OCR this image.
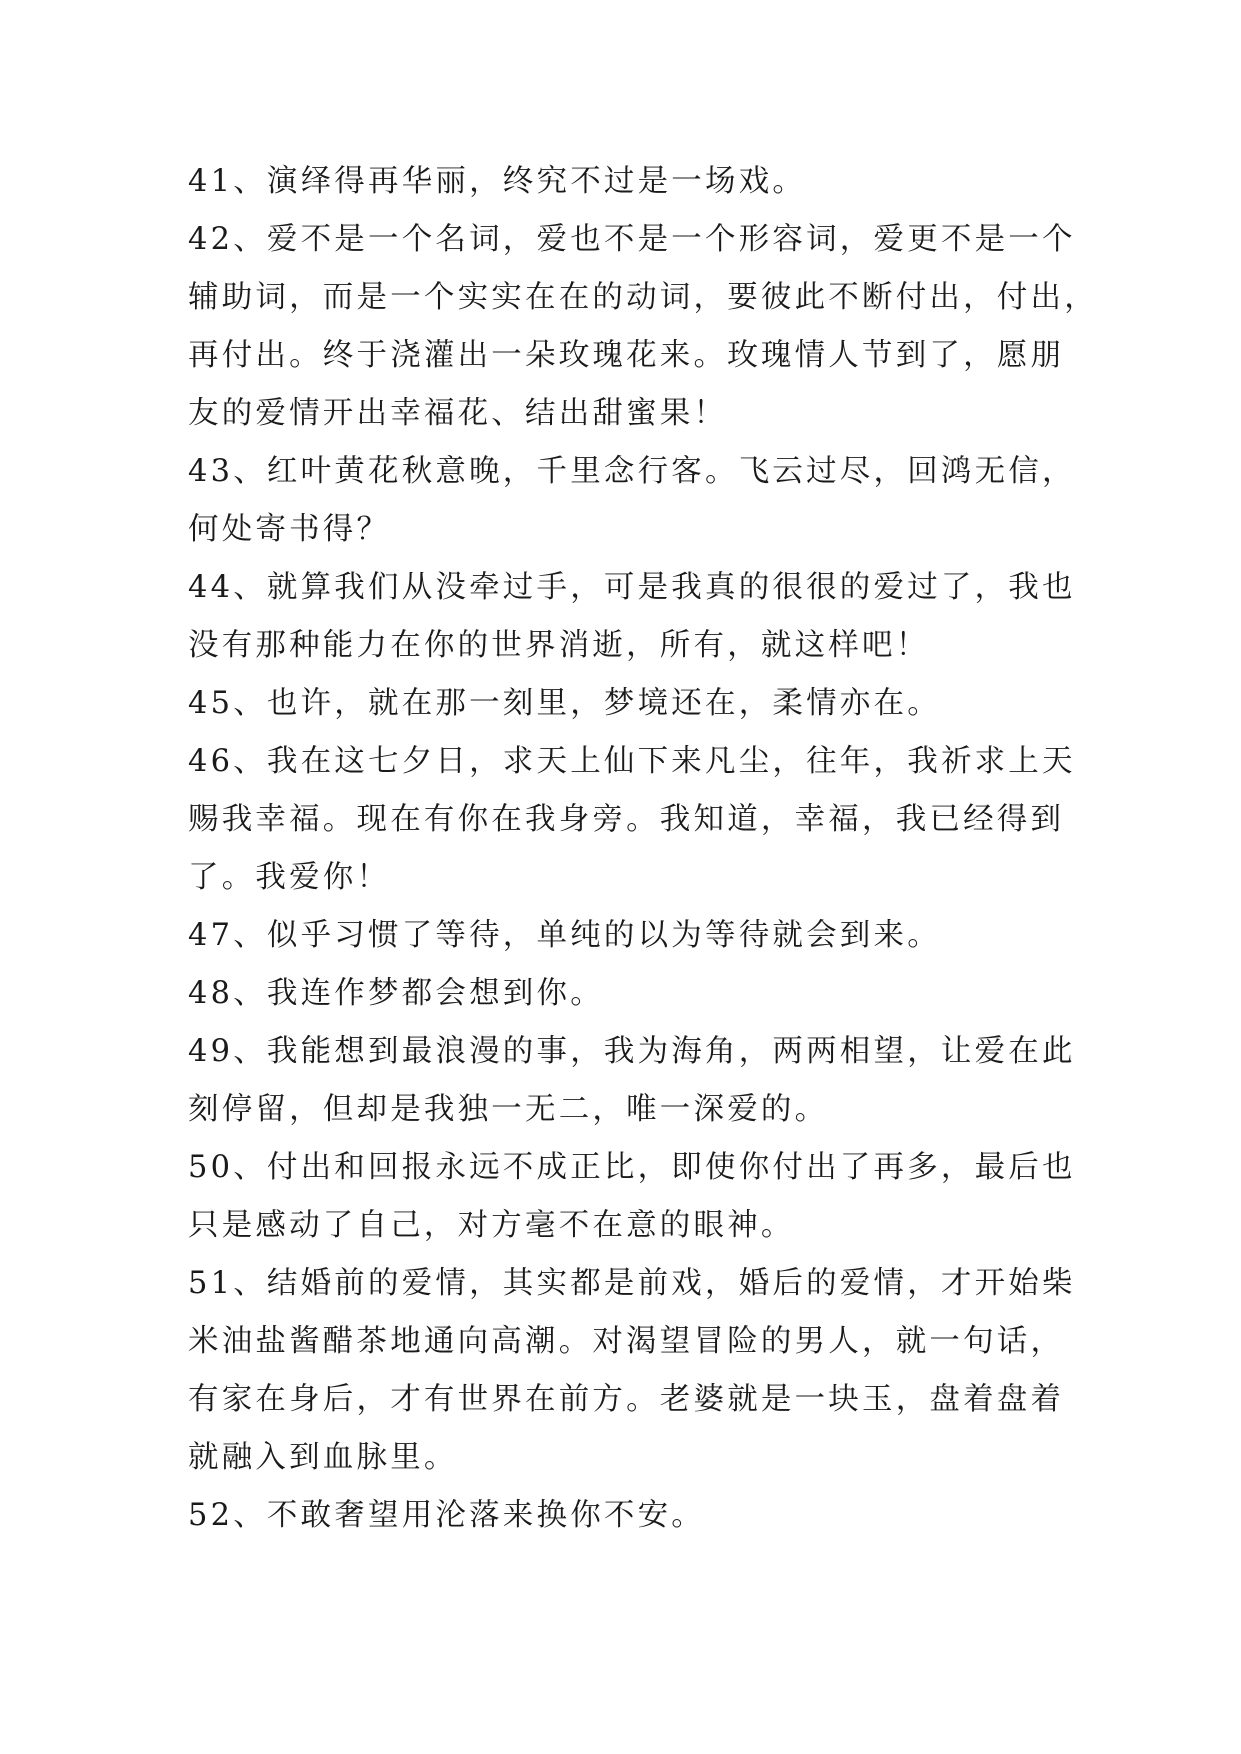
41、演绎得再华丽，终究不过是一场戏。
42、爱不是一个名词，爱也不是一个形容词，爱更不是一个
辅助词，而是一个实实在在的动词，要彼此不断付出，付出，
再付出。终于浇灌出一朵玫瑰花来。玫瑰情人节到了，愿朋
友的爱情开出幸福花、结出甜蜜果！
43、红叶黄花秋意晚，千里念行客。飞云过尽，回鸿无信，
何处寄书得？
44、就算我们从没牵过手，可是我真的很很的爱过了，我也
没有那种能力在你的世界消逝，所有，就这样吧！
45、也许，就在那一刻里，梦境还在，柔情亦在。
46、我在这七夕日，求天上仙下来凡尘，往年，我祈求上天
赐我幸福。现在有你在我身旁。我知道，幸福，我已经得到
了。我爱你！
47、似乎习惯了等待，单纯的以为等待就会到来。
48、我连作梦都会想到你。
49、我能想到最浪漫的事，我为海角，两两相望，让爱在此
刻停留，但却是我独一无二，唯一深爱的。
50、付出和回报永远不成正比，即使你付出了再多，最后也
只是感动了自己，对方毫不在意的眼神。
51、结婚前的爱情，其实都是前戏，婚后的爱情，才开始柴
米油盐酱醋茶地通向高潮。对渴望冒险的男人，就一句话，
有家在身后，才有世界在前方。老婆就是一块玉，盘着盘着
就融入到血脉里。
52、不敢奢望用沦落来换你不安。
